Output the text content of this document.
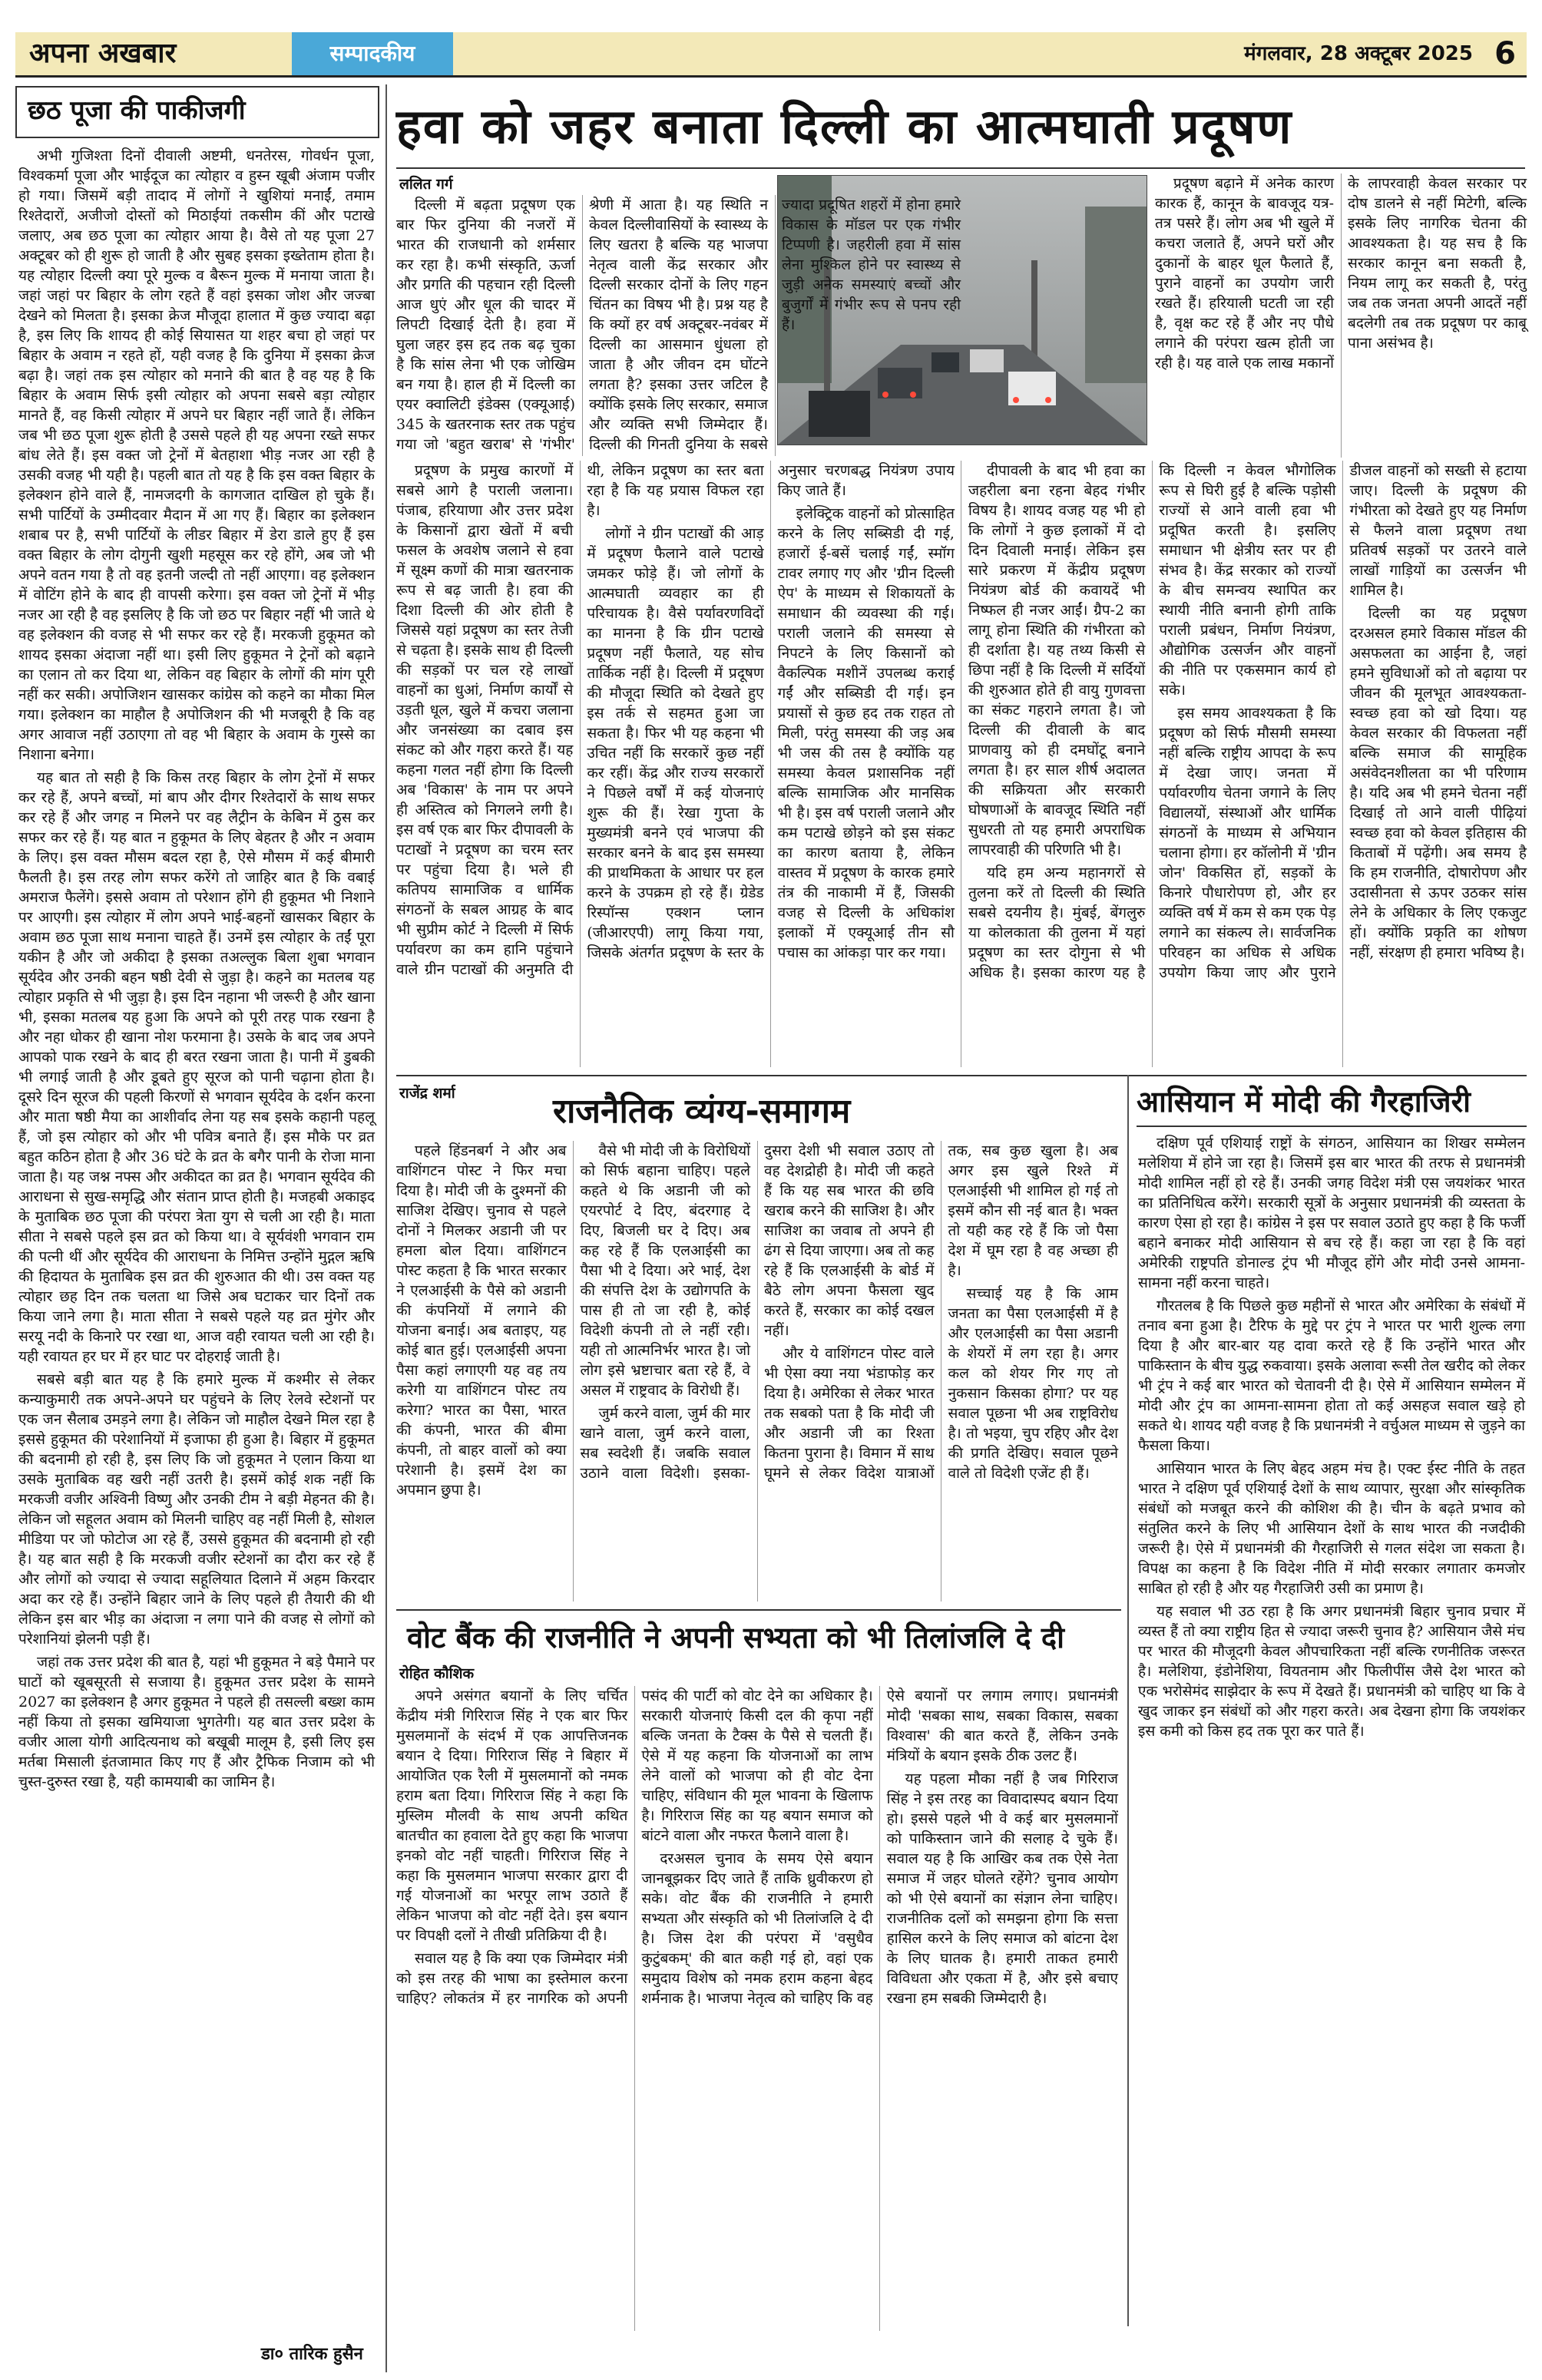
अपना अखबार	सम्पादकीय	मंगलवार, 28 अक्टूबर 2025 6
छठ पूजा की पाकीजगी

अभी गुजिश्ता दिनों दीवाली अष्टमी, धनतेरस, गोवर्धन पूजा, विश्वकर्मा पूजा और भाईदूज का त्योहार व हुस्न खूबी अंजाम पजीर हो गया। जिसमें बड़ी तादाद में लोगों ने खुशियां मनाईं, तमाम रिश्तेदारों, अजीजो दोस्तों को मिठाईयां तकसीम कीं और पटाखे जलाए, अब छठ पूजा का त्योहार आया है। वैसे तो यह पूजा 27 अक्टूबर को ही शुरू हो जाती है और सुबह इसका इख्तेताम होता है। यह त्योहार दिल्ली क्या पूरे मुल्क व बैरून मुल्क में मनाया जाता है। जहां जहां पर बिहार के लोग रहते हैं वहां इसका जोश और जज्बा देखने को मिलता है। इसका क्रेज मौजूदा हालात में कुछ ज्यादा बढ़ा है, इस लिए कि शायद ही कोई सियासत या शहर बचा हो जहां पर बिहार के अवाम न रहते हों, यही वजह है कि दुनिया में इसका क्रेज बढ़ा है। जहां तक इस त्योहार को मनाने की बात है वह यह है कि बिहार के अवाम सिर्फ इसी त्योहार को अपना सबसे बड़ा त्योहार मानते हैं, वह किसी त्योहार में अपने घर बिहार नहीं जाते हैं। लेकिन जब भी छठ पूजा शुरू होती है उससे पहले ही यह अपना रख्ते सफर बांध लेते हैं। इस वक्त जो ट्रेनों में बेतहाशा भीड़ नजर आ रही है उसकी वजह भी यही है। पहली बात तो यह है कि इस वक्त बिहार के इलेक्शन होने वाले हैं, नामजदगी के कागजात दाखिल हो चुके हैं। सभी पार्टियों के उम्मीदवार मैदान में आ गए हैं। बिहार का इलेक्शन शबाब पर है, सभी पार्टियों के लीडर बिहार में डेरा डाले हुए हैं इस वक्त बिहार के लोग दोगुनी खुशी महसूस कर रहे होंगे, अब जो भी अपने वतन गया है तो वह इतनी जल्दी तो नहीं आएगा। वह इलेक्शन में वोटिंग होने के बाद ही वापसी करेगा। इस वक्त जो ट्रेनों में भीड़ नजर आ रही है वह इसलिए है कि जो छठ पर बिहार नहीं भी जाते थे वह इलेक्शन की वजह से भी सफर कर रहे हैं। मरकजी हुकूमत को शायद इसका अंदाजा नहीं था। इसी लिए हुकूमत ने ट्रेनों को बढ़ाने का एलान तो कर दिया था, लेकिन वह बिहार के लोगों की मांग पूरी नहीं कर सकी। अपोजिशन खासकर कांग्रेस को कहने का मौका मिल गया। इलेक्शन का माहौल है अपोजिशन की भी मजबूरी है कि वह अगर आवाज नहीं उठाएगा तो वह भी बिहार के अवाम के गुस्से का निशाना बनेगा।

यह बात तो सही है कि किस तरह बिहार के लोग ट्रेनों में सफर कर रहे हैं, अपने बच्चों, मां बाप और दीगर रिश्तेदारों के साथ सफर कर रहे हैं और जगह न मिलने पर वह लैट्रीन के केबिन में ठुस कर सफर कर रहे हैं। यह बात न हुकूमत के लिए बेहतर है और न अवाम के लिए। इस वक्त मौसम बदल रहा है, ऐसे मौसम में कई बीमारी फैलती है। इस तरह लोग सफर करेंगे तो जाहिर बात है कि वबाई अमराज फैलेंगे। इससे अवाम तो परेशान होंगे ही हुकूमत भी निशाने पर आएगी। इस त्योहार में लोग अपने भाई-बहनों खासकर बिहार के अवाम छठ पूजा साथ मनाना चाहते हैं। उनमें इस त्योहार के तईं पूरा यकीन है और जो अकीदा है इसका तअल्लुक बिला शुबा भगवान सूर्यदेव और उनकी बहन षष्ठी देवी से जुड़ा है। कहने का मतलब यह त्योहार प्रकृति से भी जुड़ा है। इस दिन नहाना भी जरूरी है और खाना भी, इसका मतलब यह हुआ कि अपने को पूरी तरह पाक रखना है और नहा धोकर ही खाना नोश फरमाना है। उसके के बाद जब अपने आपको पाक रखने के बाद ही बरत रखना जाता है। पानी में डुबकी भी लगाई जाती है और डूबते हुए सूरज को पानी चढ़ाना होता है। दूसरे दिन सूरज की पहली किरणों से भगवान सूर्यदेव के दर्शन करना और माता षष्ठी मैया का आशीर्वाद लेना यह सब इसके कहानी पहलू हैं, जो इस त्योहार को और भी पवित्र बनाते हैं। इस मौके पर व्रत बहुत कठिन होता है और 36 घंटे के व्रत के बगैर पानी के रोजा माना जाता है। यह जश्न नफ्स और अकीदत का व्रत है। भगवान सूर्यदेव की आराधना से सुख-समृद्धि और संतान प्राप्त होती है। मजहबी अकाइद के मुताबिक छठ पूजा की परंपरा त्रेता युग से चली आ रही है। माता सीता ने सबसे पहले इस व्रत को किया था। वे सूर्यवंशी भगवान राम की पत्नी थीं और सूर्यदेव की आराधना के निमित्त उन्होंने मुद्गल ऋषि की हिदायत के मुताबिक इस व्रत की शुरुआत की थी। उस वक्त यह त्योहार छह दिन तक चलता था जिसे अब घटाकर चार दिनों तक किया जाने लगा है। माता सीता ने सबसे पहले यह व्रत मुंगेर और सरयू नदी के किनारे पर रखा था, आज वही रवायत चली आ रही है। यही रवायत हर घर में हर घाट पर दोहराई जाती है।

सबसे बड़ी बात यह है कि हमारे मुल्क में कश्मीर से लेकर कन्याकुमारी तक अपने-अपने घर पहुंचने के लिए रेलवे स्टेशनों पर एक जन सैलाब उमड़ने लगा है। लेकिन जो माहौल देखने मिल रहा है इससे हुकूमत की परेशानियों में इजाफा ही हुआ है। बिहार में हुकूमत की बदनामी हो रही है, इस लिए कि जो हुकूमत ने एलान किया था उसके मुताबिक वह खरी नहीं उतरी है। इसमें कोई शक नहीं कि मरकजी वजीर अश्विनी विष्णु और उनकी टीम ने बड़ी मेहनत की है। लेकिन जो सहूलत अवाम को मिलनी चाहिए वह नहीं मिली है, सोशल मीडिया पर जो फोटोज आ रहे हैं, उससे हुकूमत की बदनामी हो रही है। यह बात सही है कि मरकजी वजीर स्टेशनों का दौरा कर रहे हैं और लोगों को ज्यादा से ज्यादा सहूलियात दिलाने में अहम किरदार अदा कर रहे हैं। उन्होंने बिहार जाने के लिए पहले ही तैयारी की थी लेकिन इस बार भीड़ का अंदाजा न लगा पाने की वजह से लोगों को परेशानियां झेलनी पड़ी हैं।

जहां तक उत्तर प्रदेश की बात है, यहां भी हुकूमत ने बड़े पैमाने पर घाटों को खूबसूरती से सजाया है। हुकूमत उत्तर प्रदेश के सामने 2027 का इलेक्शन है अगर हुकूमत ने पहले ही तसल्ली बख्श काम नहीं किया तो इसका खमियाजा भुगतेगी। यह बात उत्तर प्रदेश के वजीर आला योगी आदित्यनाथ को बखूबी मालूम है, इसी लिए इस मर्तबा मिसाली इंतजामात किए गए हैं और ट्रैफिक निजाम को भी चुस्त-दुरुस्त रखा है, यही कामयाबी का जामिन है।

डा० तारिक हुसैन
हवा को जहर बनाता दिल्ली का आत्मघाती प्रदूषण
ललित गर्ग

दिल्ली में बढ़ता प्रदूषण एक बार फिर दुनिया की नजरों में भारत की राजधानी को शर्मसार कर रहा है। कभी संस्कृति, ऊर्जा और प्रगति की पहचान रही दिल्ली आज धुएं और धूल की चादर में लिपटी दिखाई देती है। हवा में घुला जहर इस हद तक बढ़ चुका है कि सांस लेना भी एक जोखिम बन गया है। हाल ही में दिल्ली का एयर क्वालिटी इंडेक्स (एक्यूआई) 345 के खतरनाक स्तर तक पहुंच गया जो 'बहुत खराब' से 'गंभीर' श्रेणी में आता है। यह स्थिति न केवल दिल्लीवासियों के स्वास्थ्य के लिए खतरा है बल्कि यह भाजपा नेतृत्व वाली केंद्र सरकार और दिल्ली सरकार दोनों के लिए गहन चिंतन का विषय भी है। प्रश्न यह है कि क्यों हर वर्ष अक्टूबर-नवंबर में दिल्ली का आसमान धुंधला हो जाता है और जीवन दम घोंटने लगता है? इसका उत्तर जटिल है क्योंकि इसके लिए सरकार, समाज और व्यक्ति सभी जिम्मेदार हैं। दिल्ली की गिनती दुनिया के सबसे ज्यादा प्रदूषित शहरों में होना हमारे विकास के मॉडल पर एक गंभीर टिप्पणी है। जहरीली हवा में सांस लेना मुश्किल होने पर स्वास्थ्य से जुड़ी अनेक समस्याएं बच्चों और बुजुर्गों में गंभीर रूप से पनप रही हैं।

प्रदूषण बढ़ाने में अनेक कारण कारक हैं, कानून के बावजूद यत्र-तत्र पसरे हैं। लोग अब भी खुले में कचरा जलाते हैं, अपने घरों और दुकानों के बाहर धूल फैलाते हैं, पुराने वाहनों का उपयोग जारी रखते हैं। हरियाली घटती जा रही है, वृक्ष कट रहे हैं और नए पौधे लगाने की परंपरा खत्म होती जा रही है। यह वाले एक लाख मकानों के लापरवाही केवल सरकार पर दोष डालने से नहीं मिटेगी, बल्कि इसके लिए नागरिक चेतना की आवश्यकता है। यह सच है कि सरकार कानून बना सकती है, नियम लागू कर सकती है, परंतु जब तक जनता अपनी आदतें नहीं बदलेगी तब तक प्रदूषण पर काबू पाना असंभव है।

प्रदूषण के प्रमुख कारणों में सबसे आगे है पराली जलाना। पंजाब, हरियाणा और उत्तर प्रदेश के किसानों द्वारा खेतों में बची फसल के अवशेष जलाने से हवा में सूक्ष्म कणों की मात्रा खतरनाक रूप से बढ़ जाती है। हवा की दिशा दिल्ली की ओर होती है जिससे यहां प्रदूषण का स्तर तेजी से चढ़ता है। इसके साथ ही दिल्ली की सड़कों पर चल रहे लाखों वाहनों का धुआं, निर्माण कार्यों से उड़ती धूल, खुले में कचरा जलाना और जनसंख्या का दबाव इस संकट को और गहरा करते हैं। यह कहना गलत नहीं होगा कि दिल्ली अब 'विकास' के नाम पर अपने ही अस्तित्व को निगलने लगी है। इस वर्ष एक बार फिर दीपावली के पटाखों ने प्रदूषण का चरम स्तर पर पहुंचा दिया है। भले ही कतिपय सामाजिक व धार्मिक संगठनों के सबल आग्रह के बाद भी सुप्रीम कोर्ट ने दिल्ली में सिर्फ पर्यावरण का कम हानि पहुंचाने वाले ग्रीन पटाखों की अनुमति दी थी, लेकिन प्रदूषण का स्तर बता रहा है कि यह प्रयास विफल रहा है।

लोगों ने ग्रीन पटाखों की आड़ में प्रदूषण फैलाने वाले पटाखे जमकर फोड़े हैं। जो लोगों के आत्मघाती व्यवहार का ही परिचायक है। वैसे पर्यावरणविदों का मानना है कि ग्रीन पटाखे प्रदूषण नहीं फैलाते, यह सोच तार्किक नहीं है। दिल्ली में प्रदूषण की मौजूदा स्थिति को देखते हुए इस तर्क से सहमत हुआ जा सकता है। फिर भी यह कहना भी उचित नहीं कि सरकारें कुछ नहीं कर रहीं। केंद्र और राज्य सरकारों ने पिछले वर्षों में कई योजनाएं शुरू की हैं। रेखा गुप्ता के मुख्यमंत्री बनने एवं भाजपा की सरकार बनने के बाद इस समस्या की प्राथमिकता के आधार पर हल करने के उपक्रम हो रहे हैं। ग्रेडेड रिस्पॉन्स एक्शन प्लान (जीआरएपी) लागू किया गया, जिसके अंतर्गत प्रदूषण के स्तर के अनुसार चरणबद्ध नियंत्रण उपाय किए जाते हैं।

इलेक्ट्रिक वाहनों को प्रोत्साहित करने के लिए सब्सिडी दी गई, हजारों ई-बसें चलाई गईं, स्मॉग टावर लगाए गए और 'ग्रीन दिल्ली ऐप' के माध्यम से शिकायतों के समाधान की व्यवस्था की गई। पराली जलाने की समस्या से निपटने के लिए किसानों को वैकल्पिक मशीनें उपलब्ध कराई गईं और सब्सिडी दी गई। इन प्रयासों से कुछ हद तक राहत तो मिली, परंतु समस्या की जड़ अब भी जस की तस है क्योंकि यह समस्या केवल प्रशासनिक नहीं बल्कि सामाजिक और मानसिक भी है। इस वर्ष पराली जलाने और कम पटाखे छोड़ने को इस संकट का कारण बताया है, लेकिन वास्तव में प्रदूषण के कारक हमारे तंत्र की नाकामी में हैं, जिसकी वजह से दिल्ली के अधिकांश इलाकों में एक्यूआई तीन सौ पचास का आंकड़ा पार कर गया।

दीपावली के बाद भी हवा का जहरीला बना रहना बेहद गंभीर विषय है। शायद वजह यह भी हो कि लोगों ने कुछ इलाकों में दो दिन दिवाली मनाई। लेकिन इस सारे प्रकरण में केंद्रीय प्रदूषण नियंत्रण बोर्ड की कवायदें भी निष्फल ही नजर आईं। ग्रैप-2 का लागू होना स्थिति की गंभीरता को ही दर्शाता है। यह तथ्य किसी से छिपा नहीं है कि दिल्ली में सर्दियों की शुरुआत होते ही वायु गुणवत्ता का संकट गहराने लगता है। जो दिल्ली की दीवाली के बाद प्राणवायु को ही दमघोंटू बनाने लगता है। हर साल शीर्ष अदालत की सक्रियता और सरकारी घोषणाओं के बावजूद स्थिति नहीं सुधरती तो यह हमारी अपराधिक लापरवाही की परिणति भी है।

यदि हम अन्य महानगरों से तुलना करें तो दिल्ली की स्थिति सबसे दयनीय है। मुंबई, बेंगलुरु या कोलकाता की तुलना में यहां प्रदूषण का स्तर दोगुना से भी अधिक है। इसका कारण यह है कि दिल्ली न केवल भौगोलिक रूप से घिरी हुई है बल्कि पड़ोसी राज्यों से आने वाली हवा भी प्रदूषित करती है। इसलिए समाधान भी क्षेत्रीय स्तर पर ही संभव है। केंद्र सरकार को राज्यों के बीच समन्वय स्थापित कर स्थायी नीति बनानी होगी ताकि पराली प्रबंधन, निर्माण नियंत्रण, औद्योगिक उत्सर्जन और वाहनों की नीति पर एकसमान कार्य हो सके।

इस समय आवश्यकता है कि प्रदूषण को सिर्फ मौसमी समस्या नहीं बल्कि राष्ट्रीय आपदा के रूप में देखा जाए। जनता में पर्यावरणीय चेतना जगाने के लिए विद्यालयों, संस्थाओं और धार्मिक संगठनों के माध्यम से अभियान चलाना होगा। हर कॉलोनी में 'ग्रीन जोन' विकसित हों, सड़कों के किनारे पौधारोपण हो, और हर व्यक्ति वर्ष में कम से कम एक पेड़ लगाने का संकल्प ले। सार्वजनिक परिवहन का अधिक से अधिक उपयोग किया जाए और पुराने डीजल वाहनों को सख्ती से हटाया जाए। दिल्ली के प्रदूषण की गंभीरता को देखते हुए यह निर्माण से फैलने वाला प्रदूषण तथा प्रतिवर्ष सड़कों पर उतरने वाले लाखों गाड़ियों का उत्सर्जन भी शामिल है।

दिल्ली का यह प्रदूषण दरअसल हमारे विकास मॉडल की असफलता का आईना है, जहां हमने सुविधाओं को तो बढ़ाया पर जीवन की मूलभूत आवश्यकता-स्वच्छ हवा को खो दिया। यह केवल सरकार की विफलता नहीं बल्कि समाज की सामूहिक असंवेदनशीलता का भी परिणाम है। यदि अब भी हमने चेतना नहीं दिखाई तो आने वाली पीढ़ियां स्वच्छ हवा को केवल इतिहास की किताबों में पढ़ेंगी। अब समय है कि हम राजनीति, दोषारोपण और उदासीनता से ऊपर उठकर सांस लेने के अधिकार के लिए एकजुट हों। क्योंकि प्रकृति का शोषण नहीं, संरक्षण ही हमारा भविष्य है।

राजेंद्र शर्मा	राजनैतिक व्यंग्य-समागम

पहले हिंडनबर्ग ने और अब वाशिंगटन पोस्ट ने फिर मचा दिया है। मोदी जी के दुश्मनों की साजिश देखिए। चुनाव से पहले दोनों ने मिलकर अडानी जी पर हमला बोल दिया। वाशिंगटन पोस्ट कहता है कि भारत सरकार ने एलआईसी के पैसे को अडानी की कंपनियों में लगाने की योजना बनाई। अब बताइए, यह कोई बात हुई। एलआईसी अपना पैसा कहां लगाएगी यह वह तय करेगी या वाशिंगटन पोस्ट तय करेगा? भारत का पैसा, भारत की कंपनी, भारत की बीमा कंपनी, तो बाहर वालों को क्या परेशानी है। इसमें देश का अपमान छुपा है।

वैसे भी मोदी जी के विरोधियों को सिर्फ बहाना चाहिए। पहले कहते थे कि अडानी जी को एयरपोर्ट दे दिए, बंदरगाह दे दिए, बिजली घर दे दिए। अब कह रहे हैं कि एलआईसी का पैसा भी दे दिया। अरे भाई, देश की संपत्ति देश के उद्योगपति के पास ही तो जा रही है, कोई विदेशी कंपनी तो ले नहीं रही। यही तो आत्मनिर्भर भारत है। जो लोग इसे भ्रष्टाचार बता रहे हैं, वे असल में राष्ट्रवाद के विरोधी हैं।

जुर्म करने वाला, जुर्म की मार खाने वाला, जुर्म करने वाला, सब स्वदेशी हैं। जबकि सवाल उठाने वाला विदेशी। इसका-दुसरा देशी भी सवाल उठाए तो वह देशद्रोही है। मोदी जी कहते हैं कि यह सब भारत की छवि खराब करने की साजिश है। और साजिश का जवाब तो अपने ही ढंग से दिया जाएगा। अब तो कह रहे हैं कि एलआईसी के बोर्ड में बैठे लोग अपना फैसला खुद करते हैं, सरकार का कोई दखल नहीं।

और ये वाशिंगटन पोस्ट वाले भी ऐसा क्या नया भंडाफोड़ कर दिया है। अमेरिका से लेकर भारत तक सबको पता है कि मोदी जी और अडानी जी का रिश्ता कितना पुराना है। विमान में साथ घूमने से लेकर विदेश यात्राओं तक, सब कुछ खुला है। अब अगर इस खुले रिश्ते में एलआईसी भी शामिल हो गई तो इसमें कौन सी नई बात है। भक्त तो यही कह रहे हैं कि जो पैसा देश में घूम रहा है वह अच्छा ही है।

सच्चाई यह है कि आम जनता का पैसा एलआईसी में है और एलआईसी का पैसा अडानी के शेयरों में लग रहा है। अगर कल को शेयर गिर गए तो नुकसान किसका होगा? पर यह सवाल पूछना भी अब राष्ट्रविरोध है। तो भइया, चुप रहिए और देश की प्रगति देखिए। सवाल पूछने वाले तो विदेशी एजेंट ही हैं।

आसियान में मोदी की गैरहाजिरी

दक्षिण पूर्व एशियाई राष्ट्रों के संगठन, आसियान का शिखर सम्मेलन मलेशिया में होने जा रहा है। जिसमें इस बार भारत की तरफ से प्रधानमंत्री मोदी शामिल नहीं हो रहे हैं। उनकी जगह विदेश मंत्री एस जयशंकर भारत का प्रतिनिधित्व करेंगे। सरकारी सूत्रों के अनुसार प्रधानमंत्री की व्यस्तता के कारण ऐसा हो रहा है। कांग्रेस ने इस पर सवाल उठाते हुए कहा है कि फर्जी बहाने बनाकर मोदी आसियान से बच रहे हैं। कहा जा रहा है कि वहां अमेरिकी राष्ट्रपति डोनाल्ड ट्रंप भी मौजूद होंगे और मोदी उनसे आमना-सामना नहीं करना चाहते।

गौरतलब है कि पिछले कुछ महीनों से भारत और अमेरिका के संबंधों में तनाव बना हुआ है। टैरिफ के मुद्दे पर ट्रंप ने भारत पर भारी शुल्क लगा दिया है और बार-बार यह दावा करते रहे हैं कि उन्होंने भारत और पाकिस्तान के बीच युद्ध रुकवाया। इसके अलावा रूसी तेल खरीद को लेकर भी ट्रंप ने कई बार भारत को चेतावनी दी है। ऐसे में आसियान सम्मेलन में मोदी और ट्रंप का आमना-सामना होता तो कई असहज सवाल खड़े हो सकते थे। शायद यही वजह है कि प्रधानमंत्री ने वर्चुअल माध्यम से जुड़ने का फैसला किया।

आसियान भारत के लिए बेहद अहम मंच है। एक्ट ईस्ट नीति के तहत भारत ने दक्षिण पूर्व एशियाई देशों के साथ व्यापार, सुरक्षा और सांस्कृतिक संबंधों को मजबूत करने की कोशिश की है। चीन के बढ़ते प्रभाव को संतुलित करने के लिए भी आसियान देशों के साथ भारत की नजदीकी जरूरी है। ऐसे में प्रधानमंत्री की गैरहाजिरी से गलत संदेश जा सकता है। विपक्ष का कहना है कि विदेश नीति में मोदी सरकार लगातार कमजोर साबित हो रही है और यह गैरहाजिरी उसी का प्रमाण है।

यह सवाल भी उठ रहा है कि अगर प्रधानमंत्री बिहार चुनाव प्रचार में व्यस्त हैं तो क्या राष्ट्रीय हित से ज्यादा जरूरी चुनाव है? आसियान जैसे मंच पर भारत की मौजूदगी केवल औपचारिकता नहीं बल्कि रणनीतिक जरूरत है। मलेशिया, इंडोनेशिया, वियतनाम और फिलीपींस जैसे देश भारत को एक भरोसेमंद साझेदार के रूप में देखते हैं। प्रधानमंत्री को चाहिए था कि वे खुद जाकर इन संबंधों को और गहरा करते। अब देखना होगा कि जयशंकर इस कमी को किस हद तक पूरा कर पाते हैं।

वोट बैंक की राजनीति ने अपनी सभ्यता को भी तिलांजलि दे दी
रोहित कौशिक

अपने असंगत बयानों के लिए चर्चित केंद्रीय मंत्री गिरिराज सिंह ने एक बार फिर मुसलमानों के संदर्भ में एक आपत्तिजनक बयान दे दिया। गिरिराज सिंह ने बिहार में आयोजित एक रैली में मुसलमानों को नमक हराम बता दिया। गिरिराज सिंह ने कहा कि मुस्लिम मौलवी के साथ अपनी कथित बातचीत का हवाला देते हुए कहा कि भाजपा इनको वोट नहीं चाहती। गिरिराज सिंह ने कहा कि मुसलमान भाजपा सरकार द्वारा दी गई योजनाओं का भरपूर लाभ उठाते हैं लेकिन भाजपा को वोट नहीं देते। इस बयान पर विपक्षी दलों ने तीखी प्रतिक्रिया दी है।

सवाल यह है कि क्या एक जिम्मेदार मंत्री को इस तरह की भाषा का इस्तेमाल करना चाहिए? लोकतंत्र में हर नागरिक को अपनी पसंद की पार्टी को वोट देने का अधिकार है। सरकारी योजनाएं किसी दल की कृपा नहीं बल्कि जनता के टैक्स के पैसे से चलती हैं। ऐसे में यह कहना कि योजनाओं का लाभ लेने वालों को भाजपा को ही वोट देना चाहिए, संविधान की मूल भावना के खिलाफ है। गिरिराज सिंह का यह बयान समाज को बांटने वाला और नफरत फैलाने वाला है।

दरअसल चुनाव के समय ऐसे बयान जानबूझकर दिए जाते हैं ताकि ध्रुवीकरण हो सके। वोट बैंक की राजनीति ने हमारी सभ्यता और संस्कृति को भी तिलांजलि दे दी है। जिस देश की परंपरा में 'वसुधैव कुटुंबकम्' की बात कही गई हो, वहां एक समुदाय विशेष को नमक हराम कहना बेहद शर्मनाक है। भाजपा नेतृत्व को चाहिए कि वह ऐसे बयानों पर लगाम लगाए। प्रधानमंत्री मोदी 'सबका साथ, सबका विकास, सबका विश्वास' की बात करते हैं, लेकिन उनके मंत्रियों के बयान इसके ठीक उलट हैं।

यह पहला मौका नहीं है जब गिरिराज सिंह ने इस तरह का विवादास्पद बयान दिया हो। इससे पहले भी वे कई बार मुसलमानों को पाकिस्तान जाने की सलाह दे चुके हैं। सवाल यह है कि आखिर कब तक ऐसे नेता समाज में जहर घोलते रहेंगे? चुनाव आयोग को भी ऐसे बयानों का संज्ञान लेना चाहिए। राजनीतिक दलों को समझना होगा कि सत्ता हासिल करने के लिए समाज को बांटना देश के लिए घातक है। हमारी ताकत हमारी विविधता और एकता में है, और इसे बचाए रखना हम सबकी जिम्मेदारी है।
